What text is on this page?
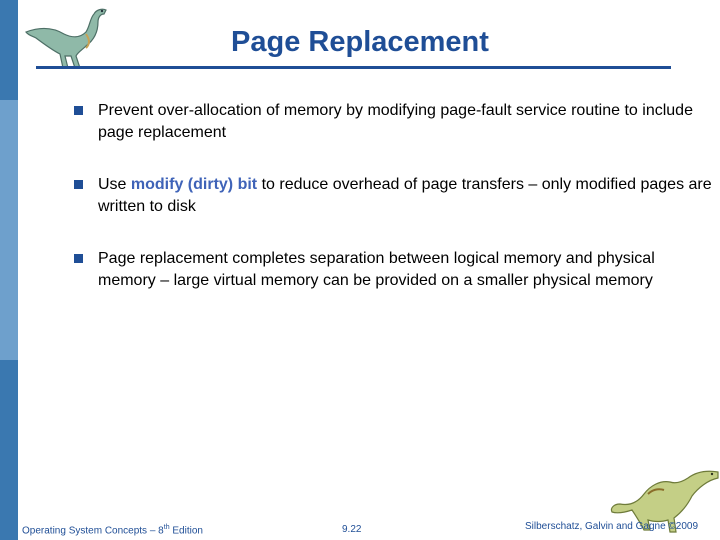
Page Replacement
Prevent over-allocation of memory by modifying page-fault service routine to include page replacement
Use modify (dirty) bit to reduce overhead of page transfers – only modified pages are written to disk
Page replacement completes separation between logical memory and physical memory – large virtual memory can be provided on a smaller physical memory
Operating System Concepts – 8th Edition	9.22	Silberschatz, Galvin and Gagne ©2009
